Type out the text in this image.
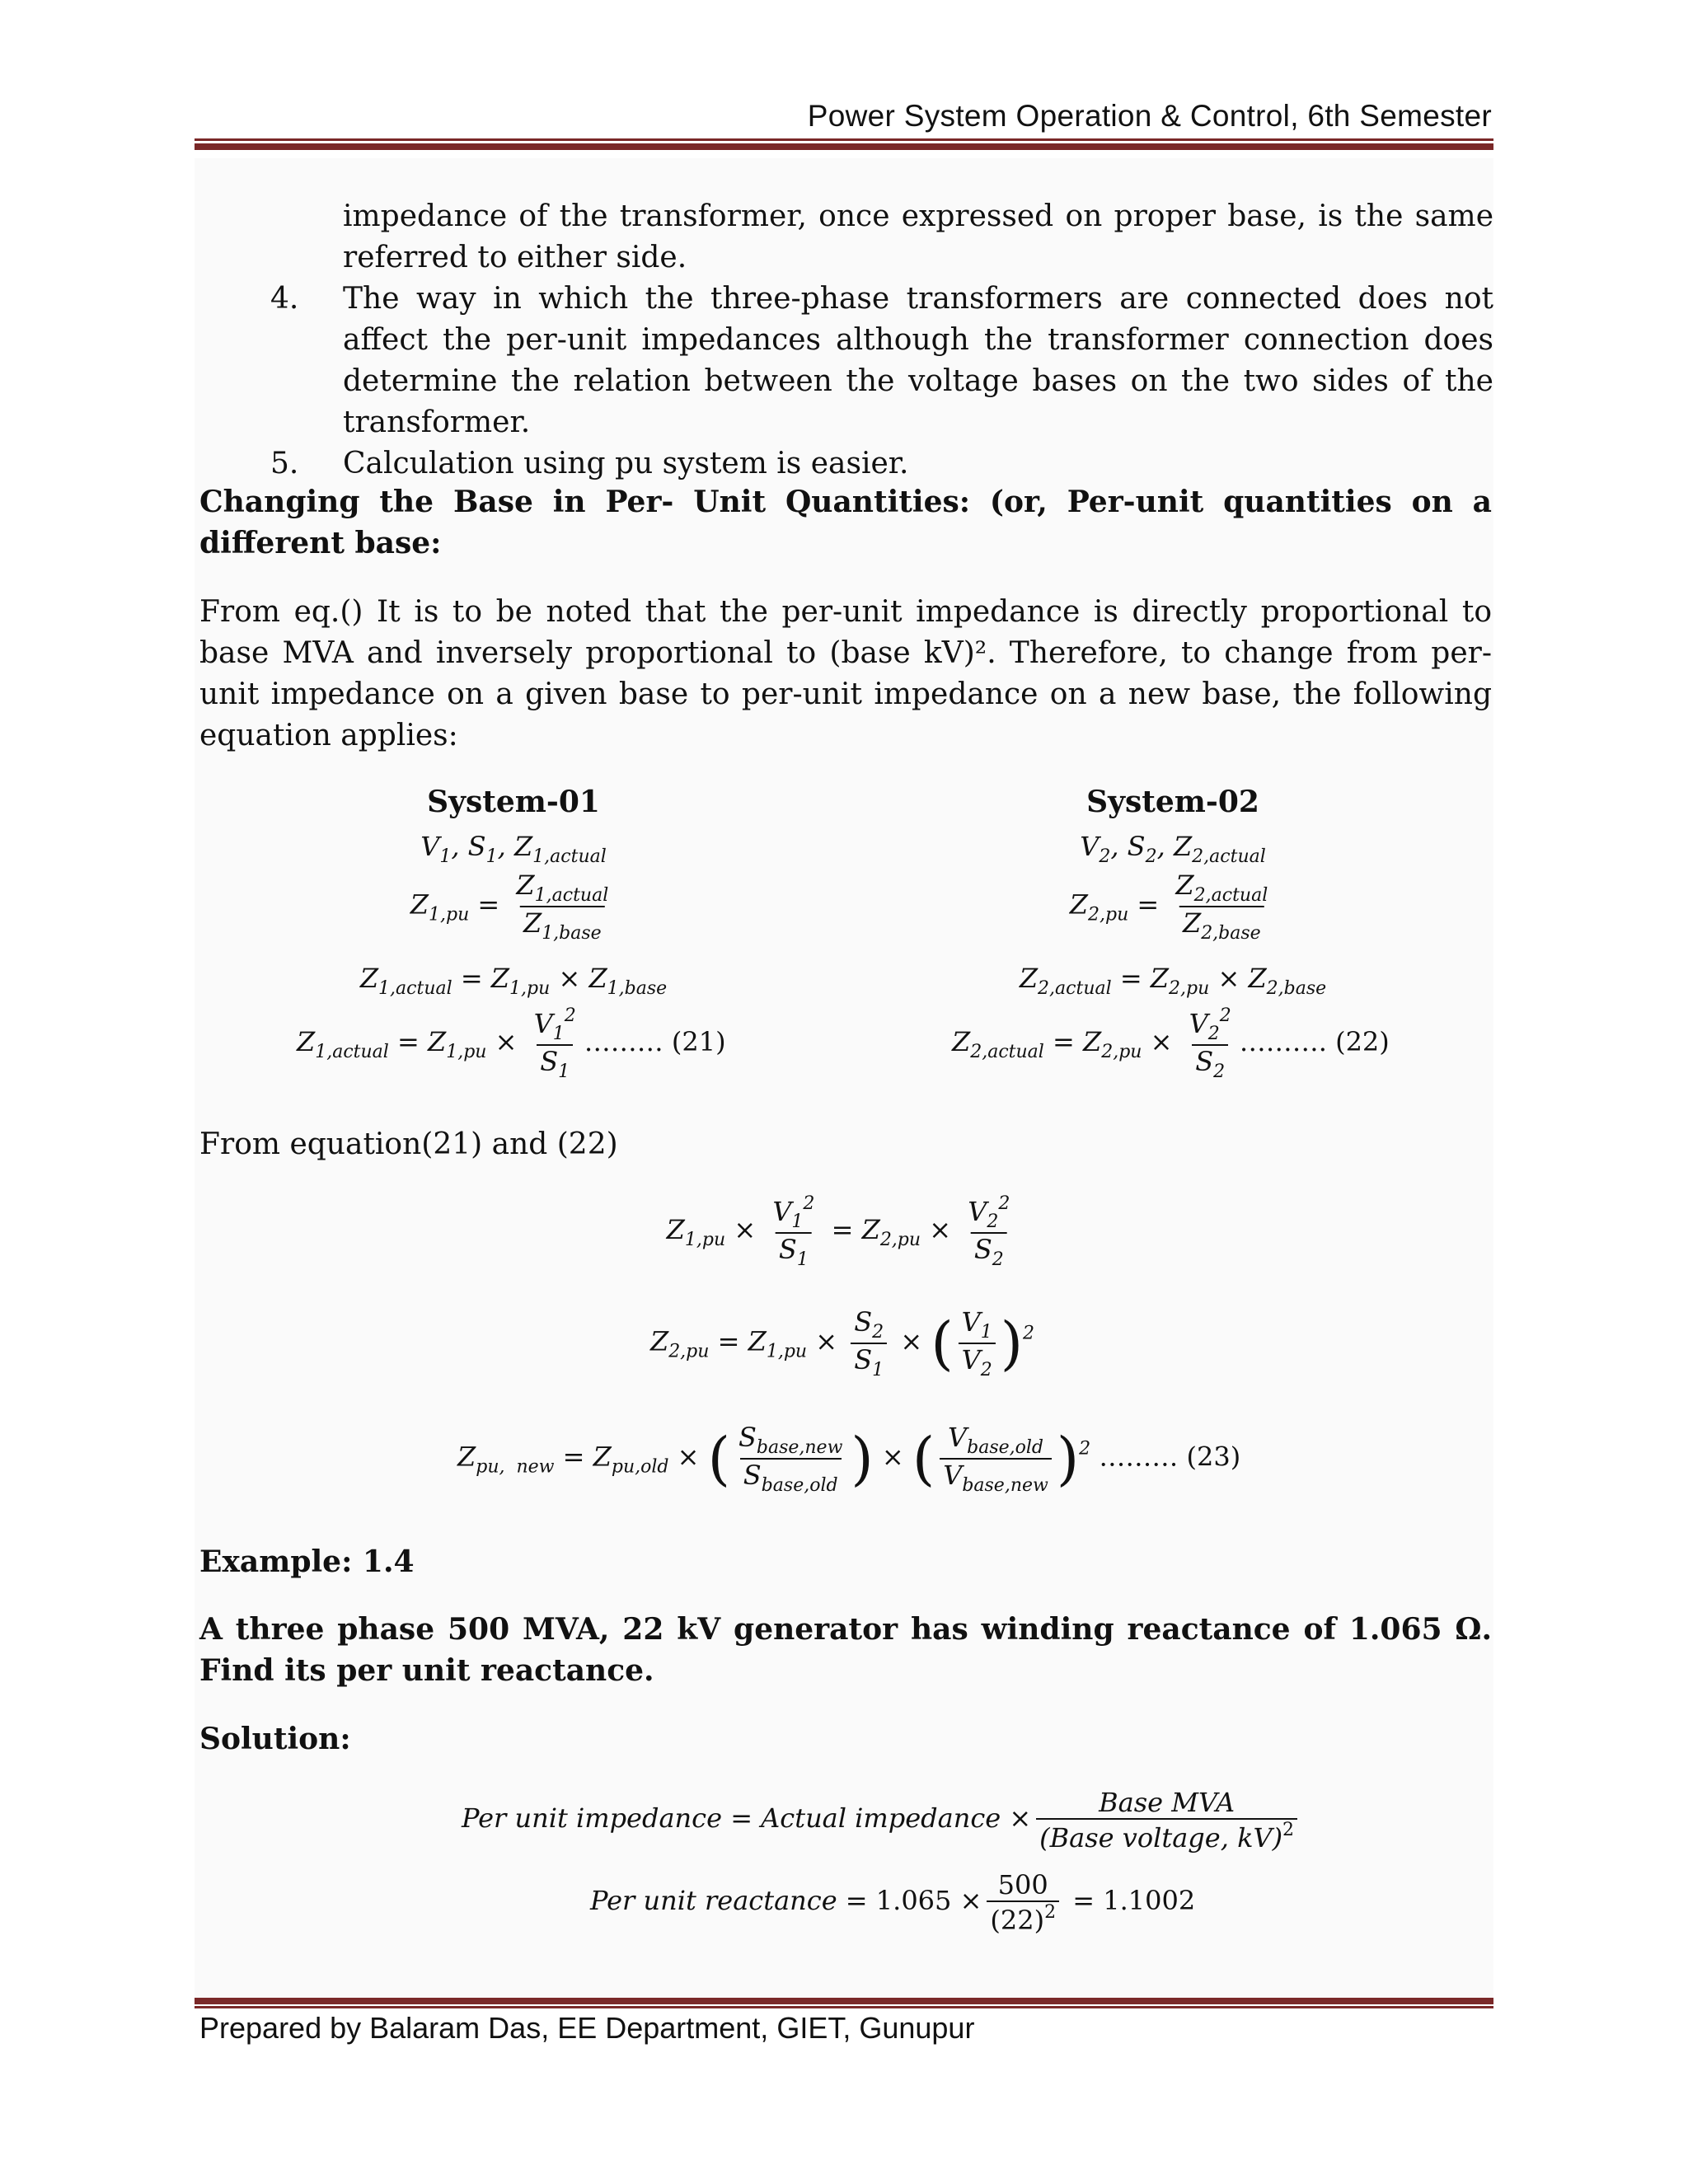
Power System Operation & Control, 6th Semester
impedance of the transformer, once expressed on proper base, is the same referred to either side.
4. The way in which the three-phase transformers are connected does not affect the per-unit impedances although the transformer connection does determine the relation between the voltage bases on the two sides of the transformer.
5. Calculation using pu system is easier.
Changing the Base in Per- Unit Quantities: (or, Per-unit quantities on a different base:
From eq.() It is to be noted that the per-unit impedance is directly proportional to base MVA and inversely proportional to (base kV)². Therefore, to change from per-unit impedance on a given base to per-unit impedance on a new base, the following equation applies:
System-01
$V_1$, $S_1$, $Z_{1,actual}$
$Z_{1,pu} = \frac{Z_{1,actual}}{Z_{1,base}}$
$Z_{1,actual} = Z_{1,pu} \times Z_{1,base}$
$Z_{1,actual} = Z_{1,pu} \times \frac{V_1^2}{S_1}$ ……… (21)
System-02
$V_2$, $S_2$, $Z_{2,actual}$
$Z_{2,pu} = \frac{Z_{2,actual}}{Z_{2,base}}$
$Z_{2,actual} = Z_{2,pu} \times Z_{2,base}$
$Z_{2,actual} = Z_{2,pu} \times \frac{V_2^2}{S_2}$ ………. (22)
From equation(21) and (22)
$Z_{1,pu} \times \frac{V_1^2}{S_1} = Z_{2,pu} \times \frac{V_2^2}{S_2}$
$Z_{2,pu} = Z_{1,pu} \times \frac{S_2}{S_1}$ × ( $\frac{V_1}{V_2} )^2$
$Z_{pu, new} = Z_{pu,old}$ × ( $\frac{S_{base,new}}{S_{base,old}}$ ) × ( $\frac{V_{base,old}}{V_{base,new}} )^2$ ……… (23)
Example: 1.4
A three phase 500 MVA, 22 kV generator has winding reactance of 1.065 Ω. Find its per unit reactance.
Solution:
Per unit impedance = Actual impedance × $\frac{\text{Base MVA}}{(Base voltage, kV)^2}$
Per unit reactance = $1.065 \times \frac{500}{(22)^2} = 1.1002$
Prepared by Balaram Das, EE Department, GIET, Gunupur
